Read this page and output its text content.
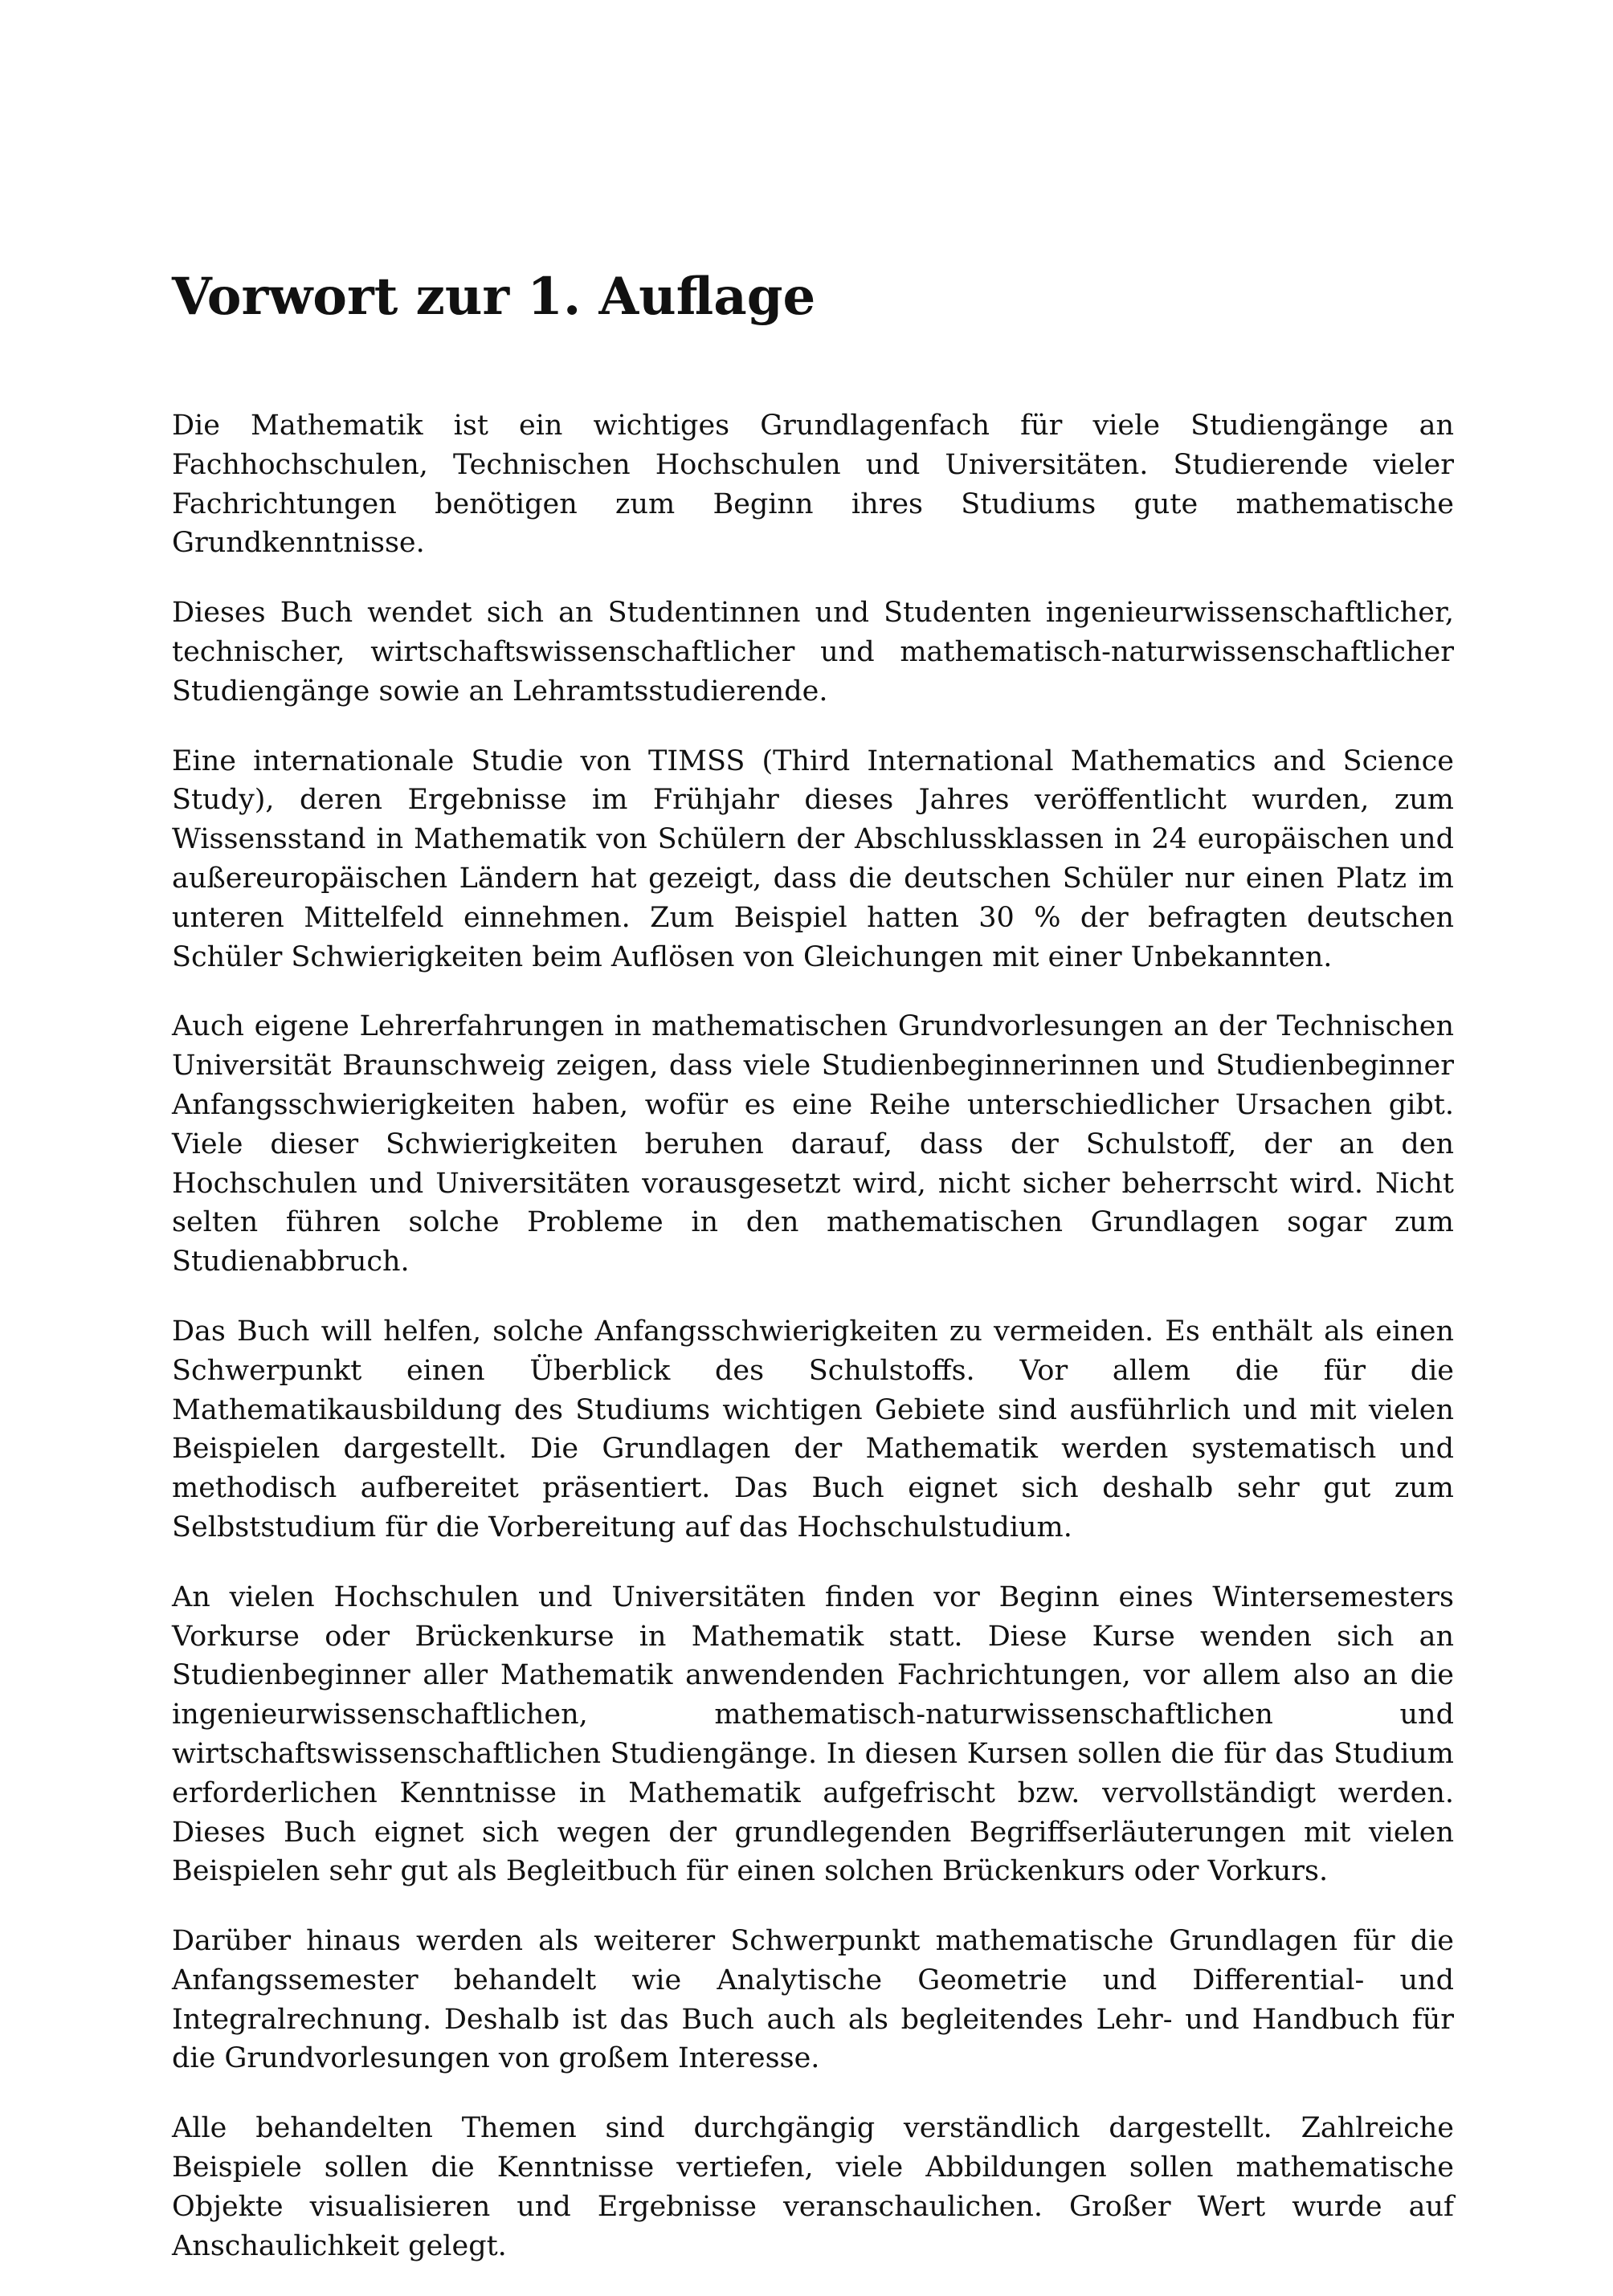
Vorwort zur 1. Auflage

Die Mathematik ist ein wichtiges Grundlagenfach für viele Studiengänge an Fachhochschulen, Technischen Hochschulen und Universitäten. Studierende vieler Fachrichtungen benötigen zum Beginn ihres Studiums gute mathematische Grundkenntnisse.

Dieses Buch wendet sich an Studentinnen und Studenten ingenieurwissenschaftlicher, technischer, wirtschaftswissenschaftlicher und mathematisch-naturwissenschaftlicher Studiengänge sowie an Lehramtsstudierende.

Eine internationale Studie von TIMSS (Third International Mathematics and Science Study), deren Ergebnisse im Frühjahr dieses Jahres veröffentlicht wurden, zum Wissensstand in Mathematik von Schülern der Abschlussklassen in 24 europäischen und außereuropäischen Ländern hat gezeigt, dass die deutschen Schüler nur einen Platz im unteren Mittelfeld einnehmen. Zum Beispiel hatten 30 % der befragten deutschen Schüler Schwierigkeiten beim Auflösen von Gleichungen mit einer Unbekannten.

Auch eigene Lehrerfahrungen in mathematischen Grundvorlesungen an der Technischen Universität Braunschweig zeigen, dass viele Studienbeginnerinnen und Studienbeginner Anfangsschwierigkeiten haben, wofür es eine Reihe unterschiedlicher Ursachen gibt. Viele dieser Schwierigkeiten beruhen darauf, dass der Schulstoff, der an den Hochschulen und Universitäten vorausgesetzt wird, nicht sicher beherrscht wird. Nicht selten führen solche Probleme in den mathematischen Grundlagen sogar zum Studienabbruch.

Das Buch will helfen, solche Anfangsschwierigkeiten zu vermeiden. Es enthält als einen Schwerpunkt einen Überblick des Schulstoffs. Vor allem die für die Mathematikausbildung des Studiums wichtigen Gebiete sind ausführlich und mit vielen Beispielen dargestellt. Die Grundlagen der Mathematik werden systematisch und methodisch aufbereitet präsentiert. Das Buch eignet sich deshalb sehr gut zum Selbststudium für die Vorbereitung auf das Hochschulstudium.

An vielen Hochschulen und Universitäten finden vor Beginn eines Wintersemesters Vorkurse oder Brückenkurse in Mathematik statt. Diese Kurse wenden sich an Studienbeginner aller Mathematik anwendenden Fachrichtungen, vor allem also an die ingenieurwissenschaftlichen, mathematisch-naturwissenschaftlichen und wirtschaftswissenschaftlichen Studiengänge. In diesen Kursen sollen die für das Studium erforderlichen Kenntnisse in Mathematik aufgefrischt bzw. vervollständigt werden. Dieses Buch eignet sich wegen der grundlegenden Begriffserläuterungen mit vielen Beispielen sehr gut als Begleitbuch für einen solchen Brückenkurs oder Vorkurs.

Darüber hinaus werden als weiterer Schwerpunkt mathematische Grundlagen für die Anfangssemester behandelt wie Analytische Geometrie und Differential- und Integralrechnung. Deshalb ist das Buch auch als begleitendes Lehr- und Handbuch für die Grundvorlesungen von großem Interesse.

Alle behandelten Themen sind durchgängig verständlich dargestellt. Zahlreiche Beispiele sollen die Kenntnisse vertiefen, viele Abbildungen sollen mathematische Objekte visualisieren und Ergebnisse veranschaulichen. Großer Wert wurde auf Anschaulichkeit gelegt.
